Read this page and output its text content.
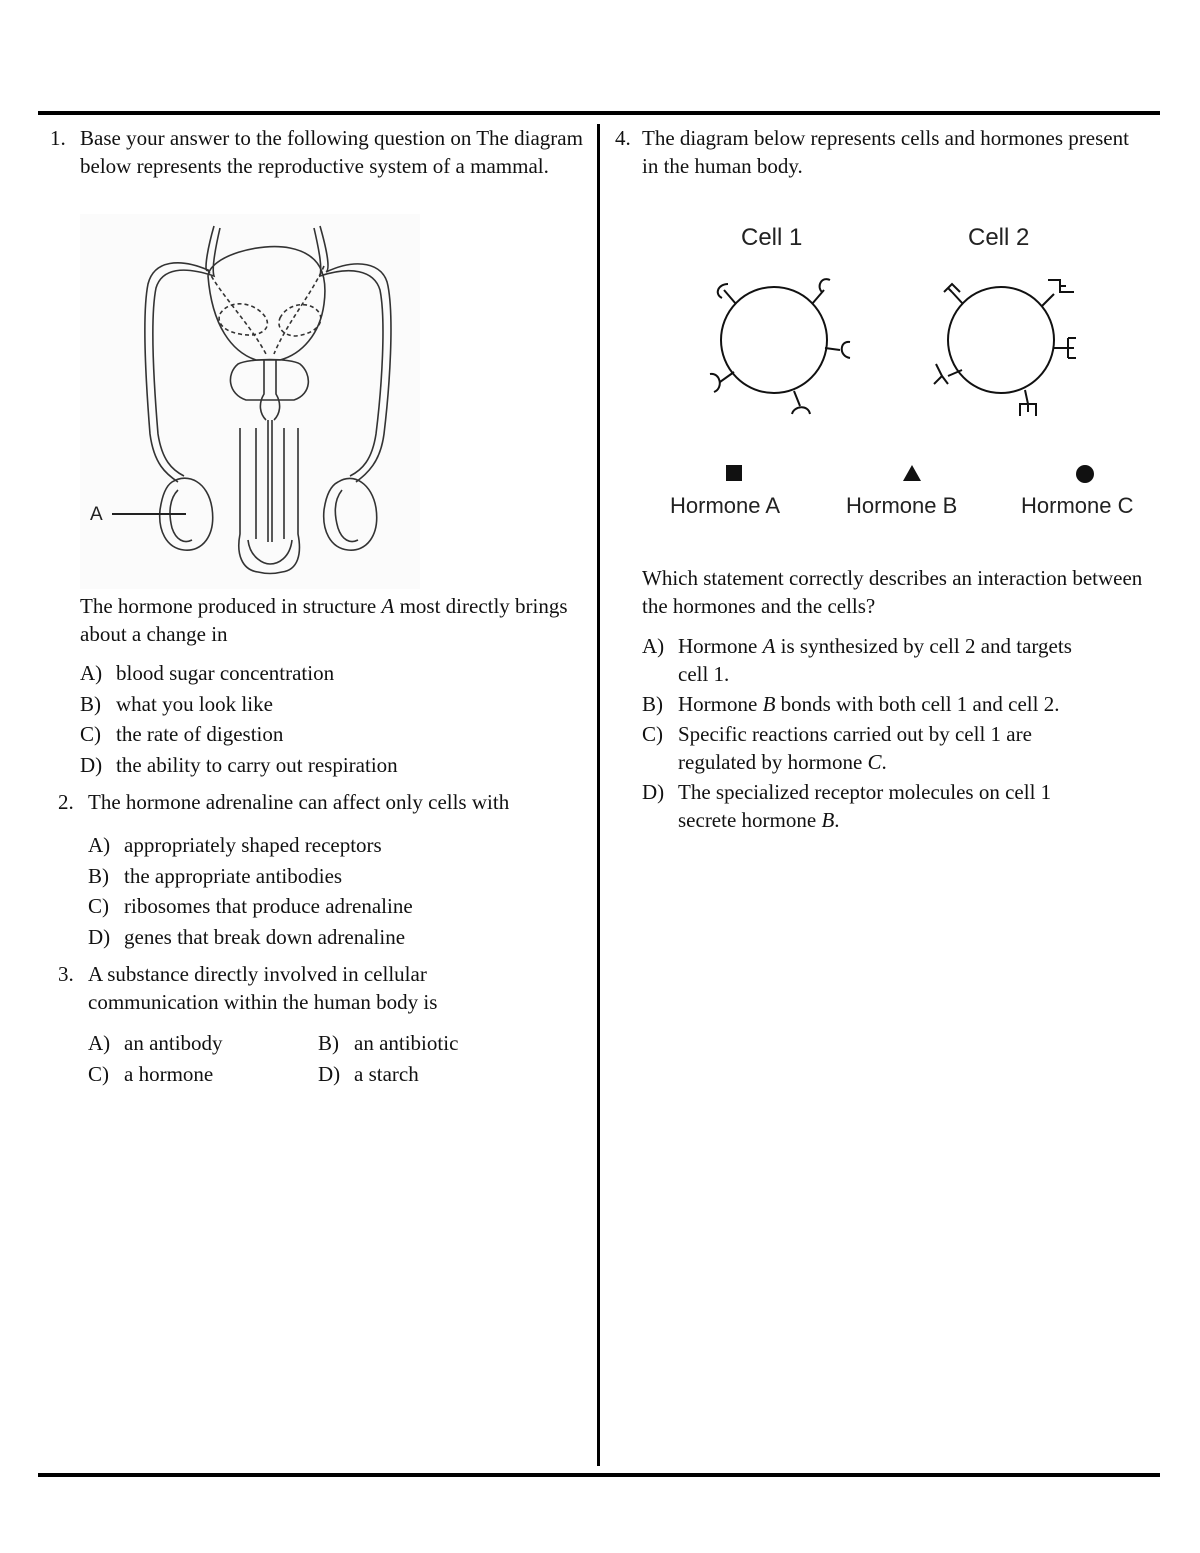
1. Base your answer to the following question on The diagram below represents the reproductive system of a mammal.

A

The hormone produced in structure A most directly brings about a change in

A) blood sugar concentration
B) what you look like
C) the rate of digestion
D) the ability to carry out respiration
2. The hormone adrenaline can affect only cells with

A) appropriately shaped receptors
B) the appropriate antibodies
C) ribosomes that produce adrenaline
D) genes that break down adrenaline
3. A substance directly involved in cellular communication within the human body is

A) an antibody	B) an antibiotic
C) a hormone	D) a starch
4. The diagram below represents cells and hormones present in the human body.

Cell 1	Cell 2
Hormone A	Hormone B	Hormone C

Which statement correctly describes an interaction between the hormones and the cells?

A) Hormone A is synthesized by cell 2 and targets cell 1.
B) Hormone B bonds with both cell 1 and cell 2.
C) Specific reactions carried out by cell 1 are regulated by hormone C.
D) The specialized receptor molecules on cell 1 secrete hormone B.
